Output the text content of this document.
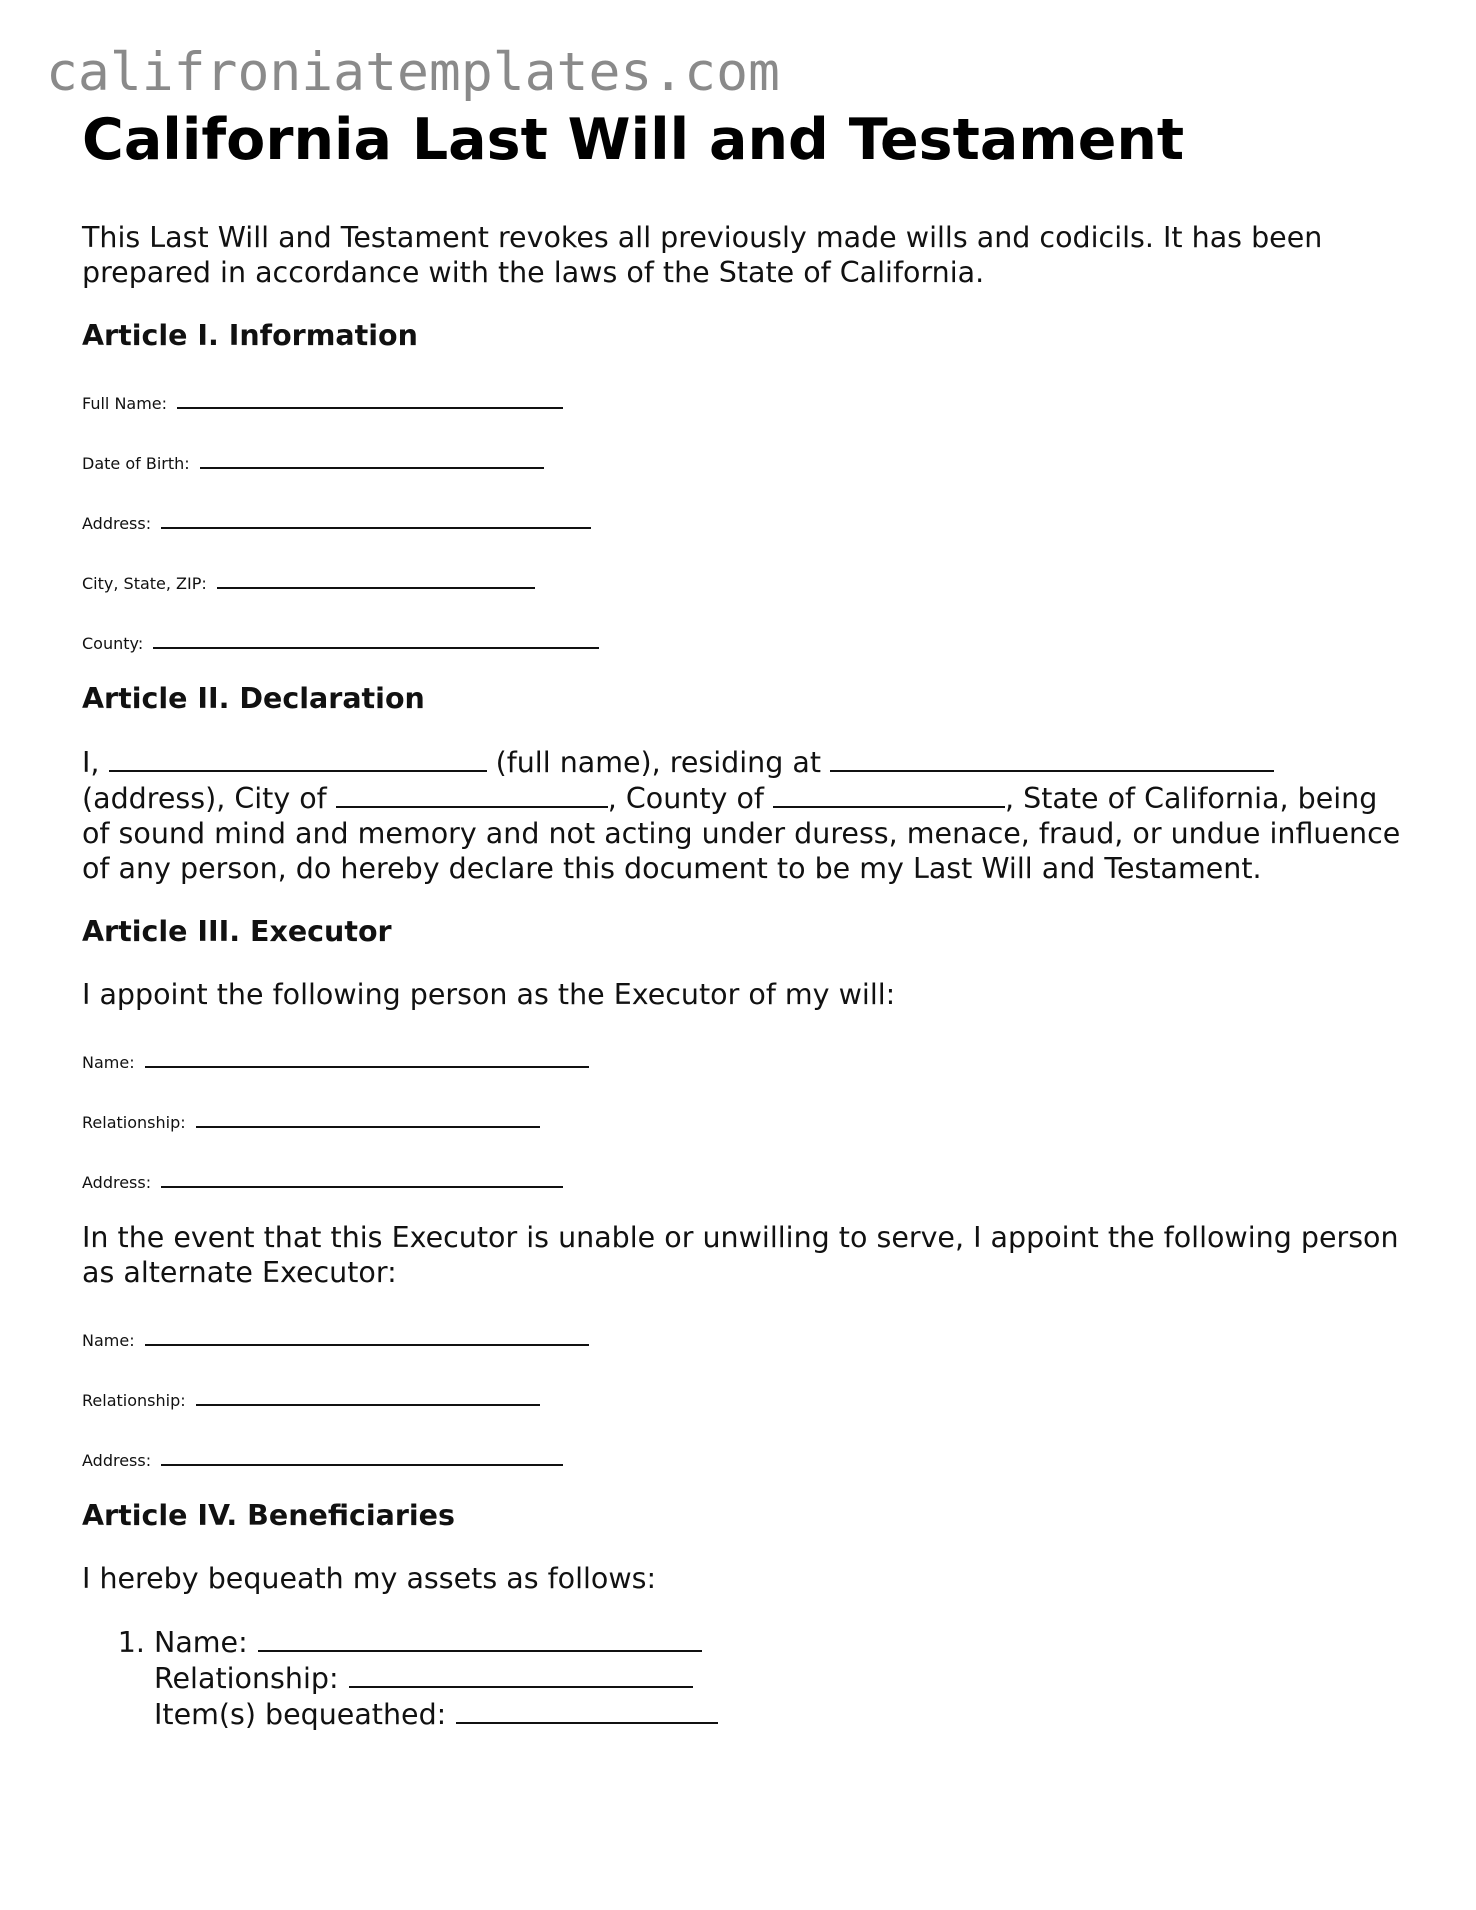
califroniatemplates.com
California Last Will and Testament

This Last Will and Testament revokes all previously made wills and codicils. It has been prepared in accordance with the laws of the State of California.

Article I. Information
Full Name:
Date of Birth:
Address:
City, State, ZIP:
County:
Article II. Declaration

I,	(full name), residing at  (address), City of	, County of	, State of California, being of sound mind and memory and not acting under duress, menace, fraud, or undue influence of any person, do hereby declare this document to be my Last Will and Testament.

Article III. Executor

I appoint the following person as the Executor of my will:

Name:
Relationship:
Address:

In the event that this Executor is unable or unwilling to serve, I appoint the following person as alternate Executor:

Name:
Relationship:
Address:
Article IV. Beneficiaries

I hereby bequeath my assets as follows:

1. Name:
Relationship:
Item(s) bequeathed:
